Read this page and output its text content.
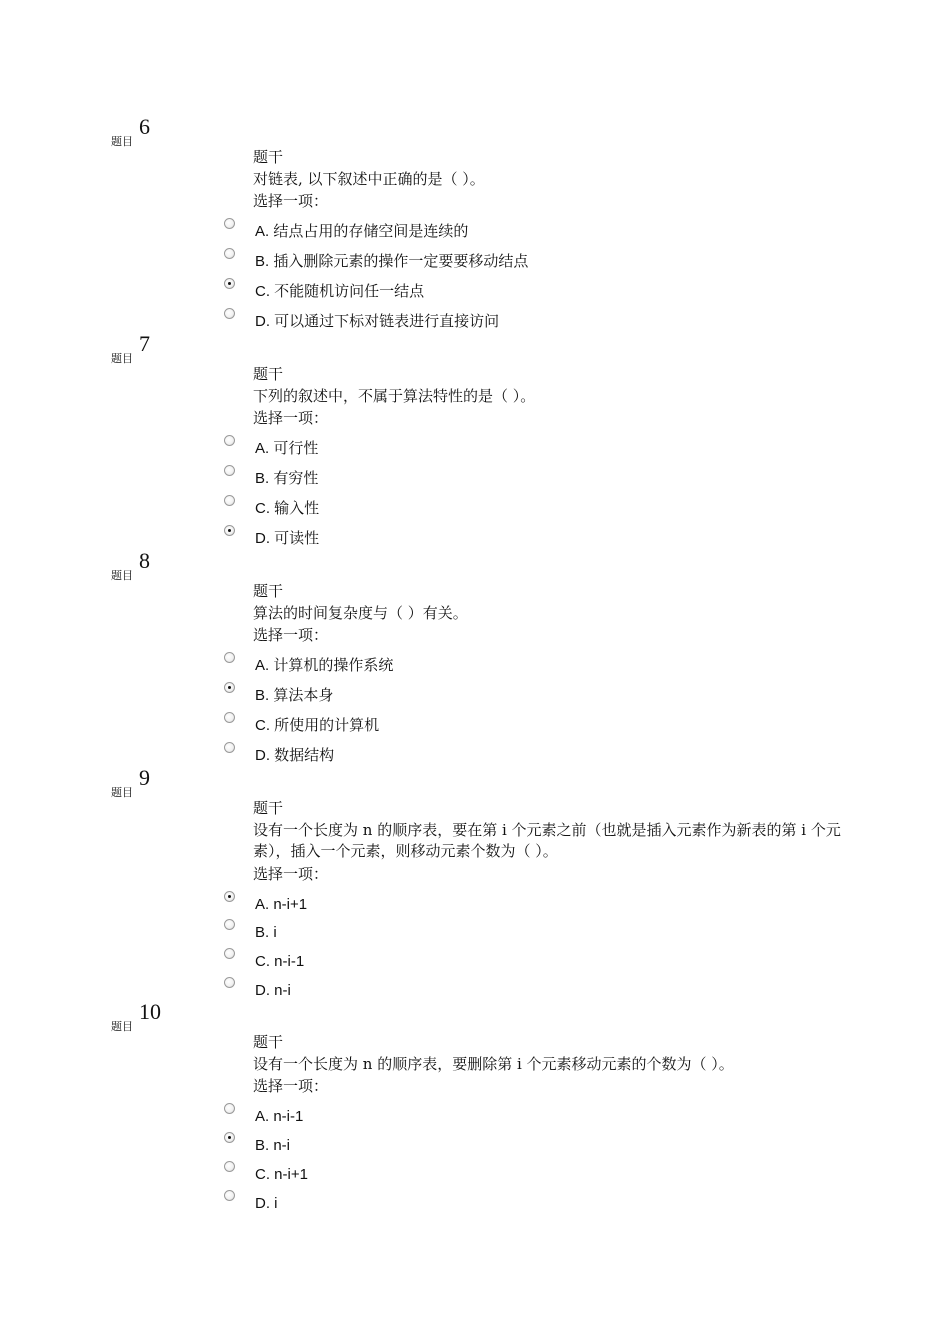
题目
6
题干
对链表, 以下叙述中正确的是（ ）。
选择一项：
A. 结点占用的存储空间是连续的
B. 插入删除元素的操作一定要要移动结点
C. 不能随机访问任一结点
D. 可以通过下标对链表进行直接访问
题目
7
题干
下列的叙述中，不属于算法特性的是（ ）。
选择一项：
A. 可行性
B. 有穷性
C. 输入性
D. 可读性
题目
8
题干
算法的时间复杂度与（ ）有关。
选择一项：
A. 计算机的操作系统
B. 算法本身
C. 所使用的计算机
D. 数据结构
题目
9
题干
设有一个长度为 n 的顺序表，要在第 i 个元素之前（也就是插入元素作为新表的第 i 个元素），插入一个元素，则移动元素个数为（ ）。
选择一项：
A. n-i+1
B. i
C. n-i-1
D. n-i
题目
10
题干
设有一个长度为 n 的顺序表，要删除第 i 个元素移动元素的个数为（ ）。
选择一项：
A. n-i-1
B. n-i
C. n-i+1
D. i
